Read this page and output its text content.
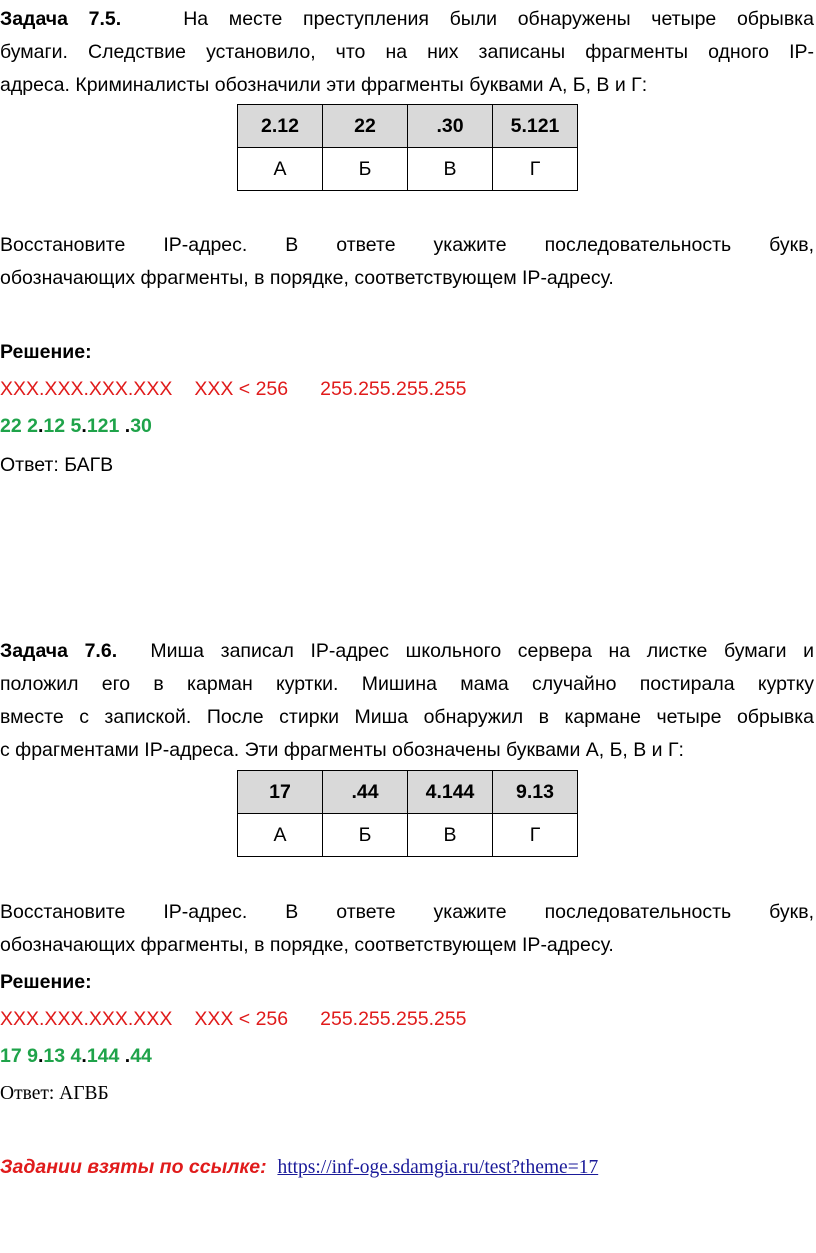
Задача 7.5.	На месте преступления были обнаружены четыре обрывка
бумаги. Следствие установило, что на них записаны фрагменты одного IP-
адреса. Криминалисты обозначили эти фрагменты буквами А, Б, В и Г:
2.12	22	.30	5.121
А	Б	В	Г
Восстановите IP-адрес. В ответе укажите последовательность букв,
обозначающих фрагменты, в порядке, соответствующем IP-адресу.
Решение:
XXX.XXX.XXX.XXX XXX < 256 255.255.255.255
22 2.12 5.121 .30
Ответ: БАГВ
Задача 7.6. Миша записал IP-адрес школьного сервера на листке бумаги и
положил его в карман куртки. Мишина мама случайно постирала куртку
вместе с запиской. После стирки Миша обнаружил в кармане четыре обрывка
с фрагментами IP-адреса. Эти фрагменты обозначены буквами А, Б, В и Г:
17	.44	4.144	9.13
А	Б	В	Г
Восстановите IP-адрес. В ответе укажите последовательность букв,
обозначающих фрагменты, в порядке, соответствующем IP-адресу.
Решение:
XXX.XXX.XXX.XXX XXX < 256 255.255.255.255
17 9.13 4.144 .44
Ответ: АГВБ
Задании взяты по ссылке: https://inf-oge.sdamgia.ru/test?theme=17
